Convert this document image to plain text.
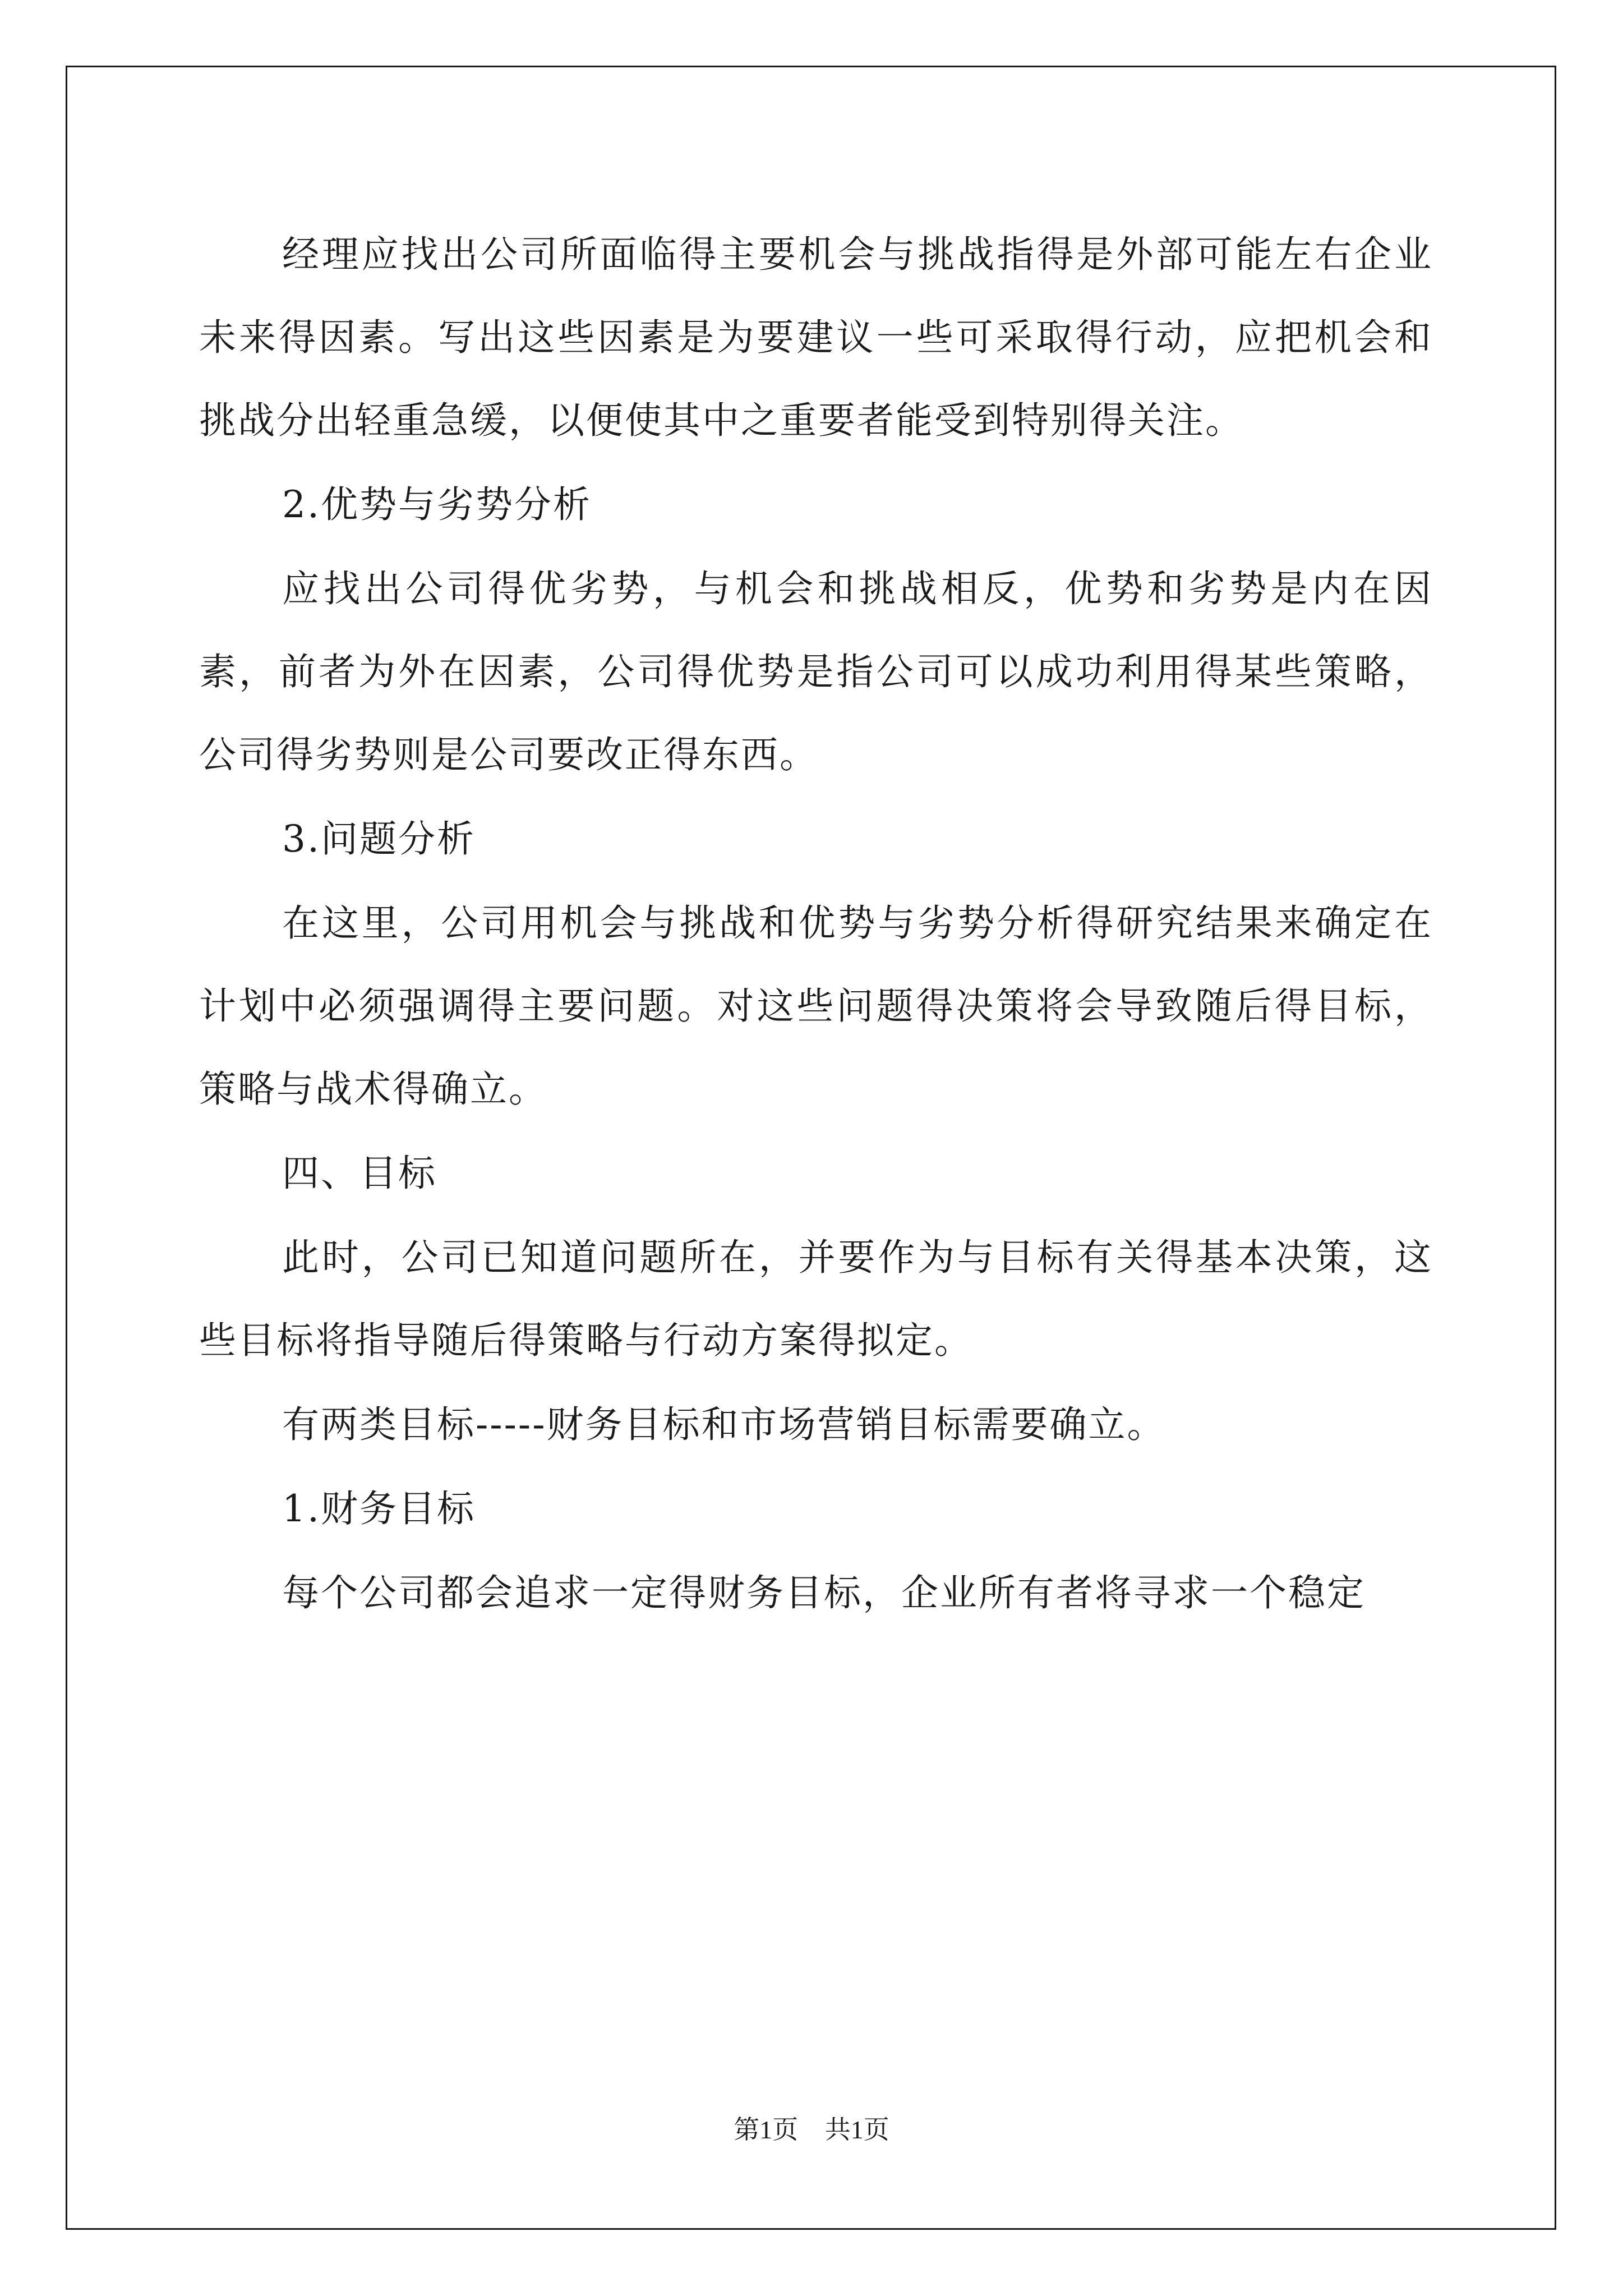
经理应找出公司所面临得主要机会与挑战指得是外部可能左右企业未来得因素。写出这些因素是为要建议一些可采取得行动，应把机会和挑战分出轻重急缓，以便使其中之重要者能受到特别得关注。

2.优势与劣势分析

应找出公司得优劣势，与机会和挑战相反，优势和劣势是内在因素，前者为外在因素，公司得优势是指公司可以成功利用得某些策略，公司得劣势则是公司要改正得东西。

3.问题分析

在这里，公司用机会与挑战和优势与劣势分析得研究结果来确定在计划中必须强调得主要问题。对这些问题得决策将会导致随后得目标，策略与战术得确立。

四、目标

此时，公司已知道问题所在，并要作为与目标有关得基本决策，这些目标将指导随后得策略与行动方案得拟定。

有两类目标-----财务目标和市场营销目标需要确立。

1.财务目标

每个公司都会追求一定得财务目标，企业所有者将寻求一个稳定

第1页 共1页
